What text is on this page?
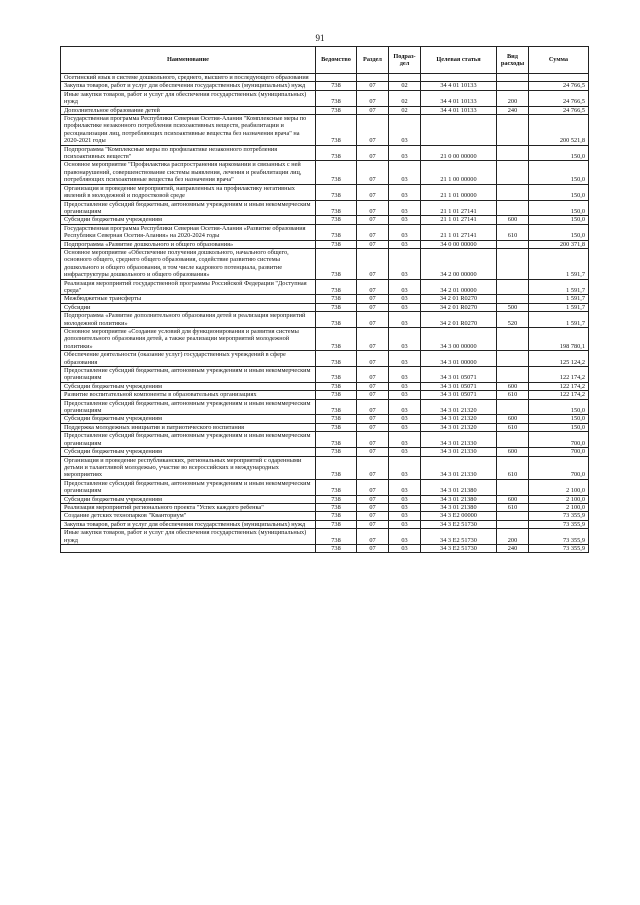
91
Наименование	Ведомство	Раздел	Подраз- дел	Целевая статья	Вид расходы	Сумма
Осетинский язык в системе дошкольного, среднего, высшего и последующего образования						
Закупка товаров, работ и услуг для обеспечения государственных (муниципальных) нужд	738	07	02	34 4 01 10133		24 766,5
Иные закупки товаров, работ и услуг для обеспечения государственных (муниципальных) нужд	738	07	02	34 4 01 10133	200	24 766,5
Дополнительное образование детей	738	07	02	34 4 01 10133	240	24 766,5
Государственная программа Республики Северная Осетия-Алания "Комплексные меры по профилактике незаконного потребления психоактивных веществ, реабилитации и ресоциализации лиц, потребляющих психоактивные вещества без назначения врача" на 2020-2021 годы	738	07	03			200 521,8
Подпрограмма "Комплексные меры по профилактике незаконного потребления психоактивных веществ"	738	07	03	21 0 00 00000		150,0
Основное мероприятие "Профилактика распространения наркомании и связанных с ней правонарушений, совершенствование системы выявления, лечения и реабилитации лиц, потребляющих психоактивные вещества без назначения врача"	738	07	03	21 1 00 00000		150,0
Организация и проведение мероприятий, направленных на профилактику негативных явлений в молодежной и подростковой среде	738	07	03	21 1 01 00000		150,0
Предоставление субсидий бюджетным, автономным учреждениям и иным некоммерческим организациям	738	07	03	21 1 01 27141		150,0
Субсидии бюджетным учреждениям	738	07	03	21 1 01 27141	600	150,0
Государственная программа Республики Северная Осетия-Алания «Развитие образования Республики Северная Осетия-Алания» на 2020-2024 годы	738	07	03	21 1 01 27141	610	150,0
Подпрограмма «Развитие дошкольного и общего образования»	738	07	03	34 0 00 00000		200 371,8
Основное мероприятие «Обеспечение получения дошкольного, начального общего, основного общего, среднего общего образования, содействие развитию системы дошкольного и общего образования, в том числе кадрового потенциала, развитие инфраструктуры дошкольного и общего образования»	738	07	03	34 2 00 00000		1 591,7
Реализация мероприятий государственной программы Российской Федерации "Доступная среда"	738	07	03	34 2 01 00000		1 591,7
Межбюджетные трансферты	738	07	03	34 2 01 R0270		1 591,7
Субсидии	738	07	03	34 2 01 R0270	500	1 591,7
Подпрограмма «Развитие дополнительного образования детей и реализация мероприятий молодежной политики»	738	07	03	34 2 01 R0270	520	1 591,7
Основное мероприятие «Создание условий для функционирования и развития системы дополнительного образования детей, а также реализации мероприятий молодежной политики»	738	07	03	34 3 00 00000		198 780,1
Обеспечение деятельности (оказание услуг) государственных учреждений в сфере образования	738	07	03	34 3 01 00000		125 124,2
Предоставление субсидий бюджетным, автономным учреждениям и иным некоммерческим организациям	738	07	03	34 3 01 05071		122 174,2
Субсидии бюджетным учреждениям	738	07	03	34 3 01 05071	600	122 174,2
Развитие воспитательной компоненты в образовательных организациях	738	07	03	34 3 01 05071	610	122 174,2
Предоставление субсидий бюджетным, автономным учреждениям и иным некоммерческим организациям	738	07	03	34 3 01 21320		150,0
Субсидии бюджетным учреждениям	738	07	03	34 3 01 21320	600	150,0
Поддержка молодежных инициатив и патриотического воспитания	738	07	03	34 3 01 21320	610	150,0
Предоставление субсидий бюджетным, автономным учреждениям и иным некоммерческим организациям	738	07	03	34 3 01 21330		700,0
Субсидии бюджетным учреждениям	738	07	03	34 3 01 21330	600	700,0
Организация и проведение республиканских, региональных мероприятий с одаренными детьми и талантливой молодежью, участие во всероссийских и международных мероприятиях	738	07	03	34 3 01 21330	610	700,0
Предоставление субсидий бюджетным, автономным учреждениям и иным некоммерческим организациям	738	07	03	34 3 01 21380		2 100,0
Субсидии бюджетным учреждениям	738	07	03	34 3 01 21380	600	2 100,0
Реализация мероприятий регионального проекта "Успех каждого ребенка"	738	07	03	34 3 01 21380	610	2 100,0
Создание детских технопарков "Кванториум"	738	07	03	34 3 E2 00000		73 355,9
Закупка товаров, работ и услуг для обеспечения государственных (муниципальных) нужд	738	07	03	34 3 E2 51730		73 355,9
Иные закупки товаров, работ и услуг для обеспечения государственных (муниципальных) нужд	738	07	03	34 3 E2 51730	200	73 355,9
	738	07	03	34 3 E2 51730	240	73 355,9
